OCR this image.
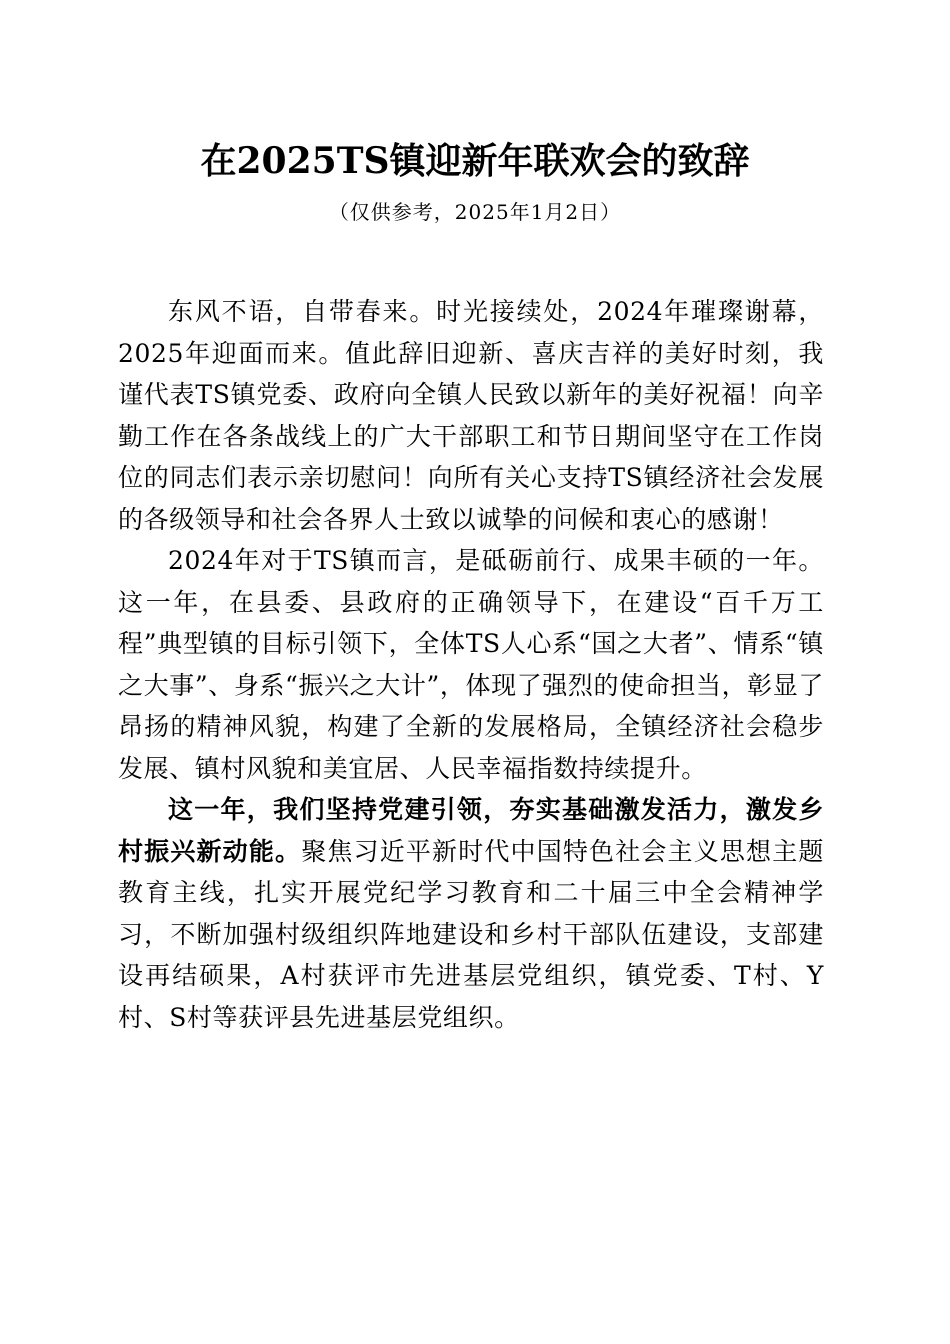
在2025TS镇迎新年联欢会的致辞
（仅供参考，2025年1月2日）

东风不语，自带春来。时光接续处，2024年璀璨谢幕，2025年迎面而来。值此辞旧迎新、喜庆吉祥的美好时刻，我谨代表TS镇党委、政府向全镇人民致以新年的美好祝福！向辛勤工作在各条战线上的广大干部职工和节日期间坚守在工作岗位的同志们表示亲切慰问！向所有关心支持TS镇经济社会发展的各级领导和社会各界人士致以诚挚的问候和衷心的感谢！

2024年对于TS镇而言，是砥砺前行、成果丰硕的一年。这一年，在县委、县政府的正确领导下，在建设“百千万工程”典型镇的目标引领下，全体TS人心系“国之大者”、情系“镇之大事”、身系“振兴之大计”，体现了强烈的使命担当，彰显了昂扬的精神风貌，构建了全新的发展格局，全镇经济社会稳步发展、镇村风貌和美宜居、人民幸福指数持续提升。

这一年，我们坚持党建引领，夯实基础激发活力，激发乡村振兴新动能。聚焦习近平新时代中国特色社会主义思想主题教育主线，扎实开展党纪学习教育和二十届三中全会精神学习，不断加强村级组织阵地建设和乡村干部队伍建设，支部建设再结硕果，A村获评市先进基层党组织，镇党委、T村、Y村、S村等获评县先进基层党组织。
